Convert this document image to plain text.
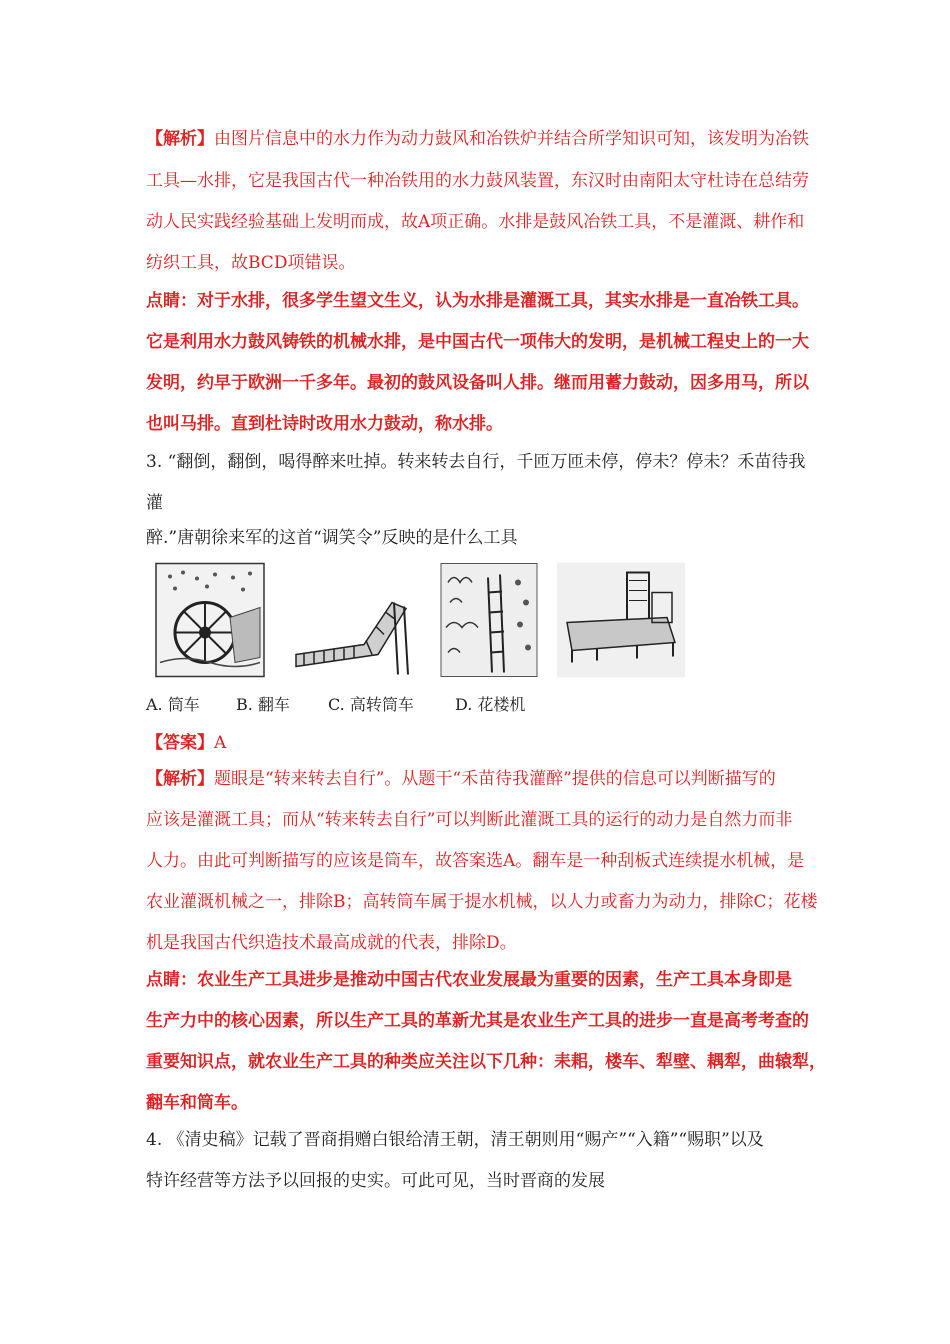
【解析】由图片信息中的水力作为动力鼓风和冶铁炉并结合所学知识可知，该发明为冶铁
工具—水排，它是我国古代一种冶铁用的水力鼓风装置，东汉时由南阳太守杜诗在总结劳
动人民实践经验基础上发明而成，故A项正确。水排是鼓风冶铁工具，不是灌溉、耕作和
纺织工具，故BCD项错误。
点睛：对于水排，很多学生望文生义，认为水排是灌溉工具，其实水排是一直冶铁工具。
它是利用水力鼓风铸铁的机械水排，是中国古代一项伟大的发明，是机械工程史上的一大
发明，约早于欧洲一千多年。最初的鼓风设备叫人排。继而用蓄力鼓动，因多用马，所以
也叫马排。直到杜诗时改用水力鼓动，称水排。
3. “翻倒，翻倒，喝得醉来吐掉。转来转去自行，千匝万匝未停，停未？停未？禾苗待我
灌
醉.”唐朝徐来军的这首“调笑令”反映的是什么工具
A. 筒车 B. 翻车 C. 高转筒车	D. 花楼机
【答案】A
【解析】题眼是“转来转去自行”。从题干“禾苗待我灌醉”提供的信息可以判断描写的
应该是灌溉工具；而从“转来转去自行”可以判断此灌溉工具的运行的动力是自然力而非
人力。由此可判断描写的应该是筒车，故答案选A。翻车是一种刮板式连续提水机械，是
农业灌溉机械之一，排除B；高转筒车属于提水机械，以人力或畜力为动力，排除C；花楼
机是我国古代织造技术最高成就的代表，排除D。
点睛：农业生产工具进步是推动中国古代农业发展最为重要的因素，生产工具本身即是
生产力中的核心因素，所以生产工具的革新尤其是农业生产工具的进步一直是高考考查的
重要知识点，就农业生产工具的种类应关注以下几种：耒耜，楼车、犁壁、耦犁，曲辕犁，
翻车和筒车。
4. 《清史稿》记载了晋商捐赠白银给清王朝，清王朝则用“赐产”“入籍”“赐职”以及
特许经营等方法予以回报的史实。可此可见，当时晋商的发展
